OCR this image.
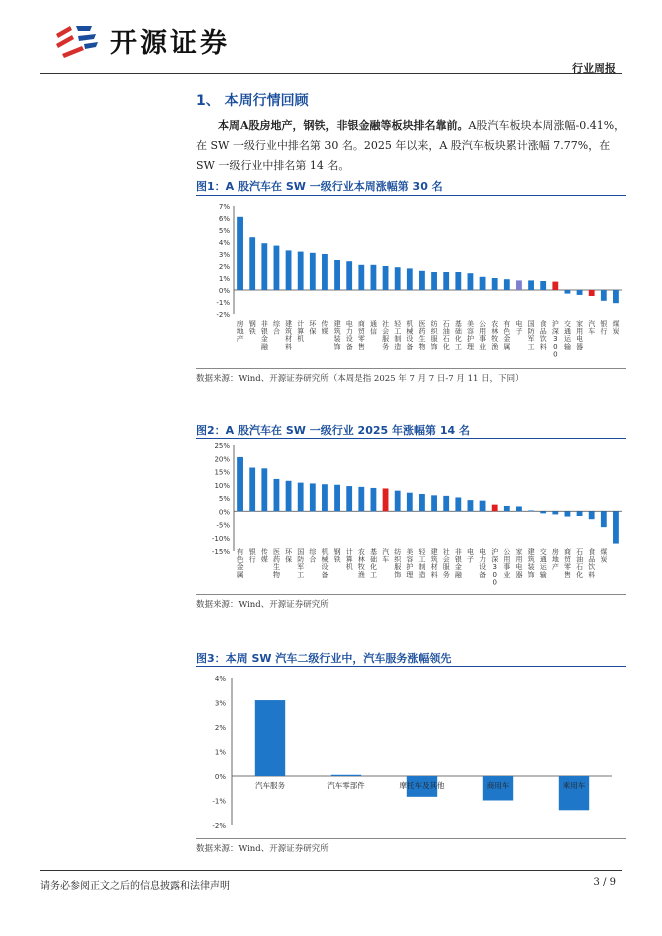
开源证券
行业周报
1、 本周行情回顾
本周A股房地产，钢铁，非银金融等板块排名靠前。A股汽车板块本周涨幅-0.41%，在 SW 一级行业中排名第 30 名。2025 年以来，A 股汽车板块累计涨幅 7.77%，在 SW 一级行业中排名第 14 名。
图1：A 股汽车在 SW 一级行业本周涨幅第 30 名
7%
6%
5%
4%
3%
2%
1%
0%
-1%
-2%
房地产
钢铁
非银金融
综合
建筑材料
计算机
环保
传媒
建筑装饰
电力设备
商贸零售
通信
社会服务
轻工制造
机械设备
医药生物
纺织服饰
石油石化
基础化工
美容护理
公用事业
农林牧渔
有色金属
电子
国防军工
食品饮料
沪深 3 0 0
交通运输
家用电器
汽车
银行
煤炭
数据来源：Wind、开源证券研究所（本周是指 2025 年 7 月 7 日-7 月 11 日，下同）
图2：A 股汽车在 SW 一级行业 2025 年涨幅第 14 名
25%
20%
15%
10%
5%
0%
-5%
-10%
-15% 有色金属
银行
传媒
医药生物
环保
国防军工
综合
机械设备
钢铁
计算机
农林牧渔
基础化工
汽车
纺织服饰
美容护理
轻工制造
建筑材料
社会服务
非银金融
电子
电力设备
沪深 3 0 0
公用事业
家用电器
建筑装饰
交通运输
房地产
商贸零售
石油石化
食品饮料
煤炭
数据来源：Wind、开源证券研究所
图3：本周 SW 汽车二级行业中，汽车服务涨幅领先
4%
3%
2%
1%
0%
-1%
-2%
汽车服务	汽车零部件	摩托车及其他	商用车	乘用车
数据来源：Wind、开源证券研究所
请务必参阅正文之后的信息披露和法律声明	3 / 9
